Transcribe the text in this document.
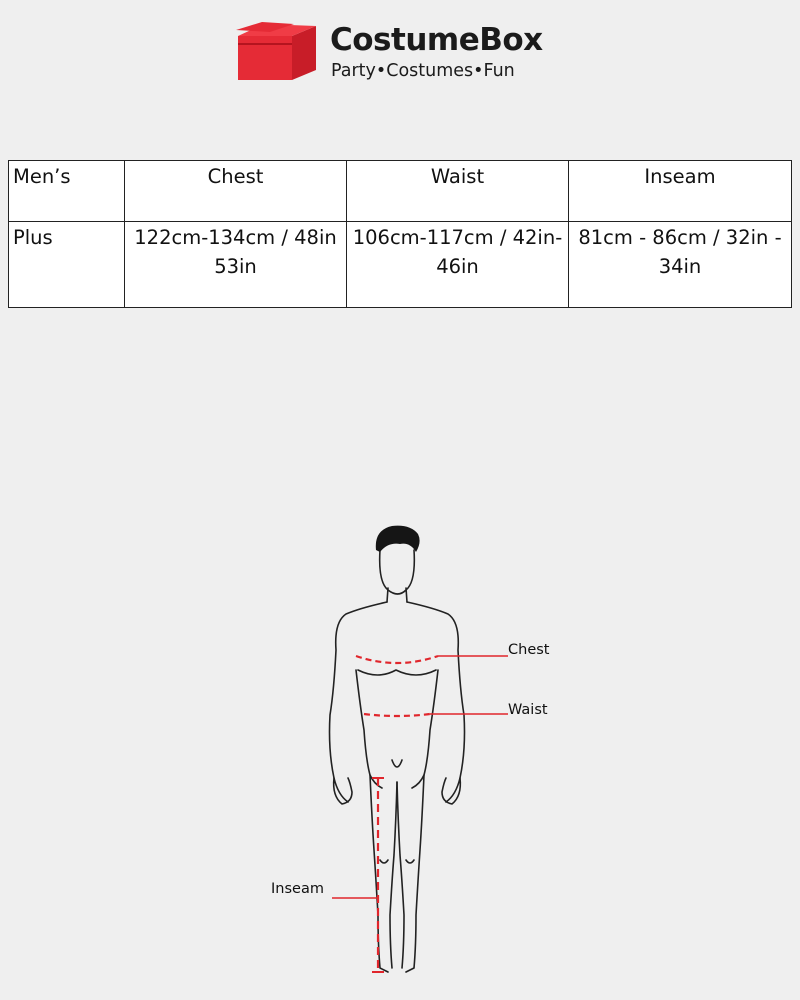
CostumeBox
Party•Costumes•Fun
Men’s	Chest	Waist	Inseam
Plus	122cm-134cm / 48in 53in	106cm-117cm / 42in- 46in	81cm - 86cm / 32in - 34in
Chest
Waist
Inseam
